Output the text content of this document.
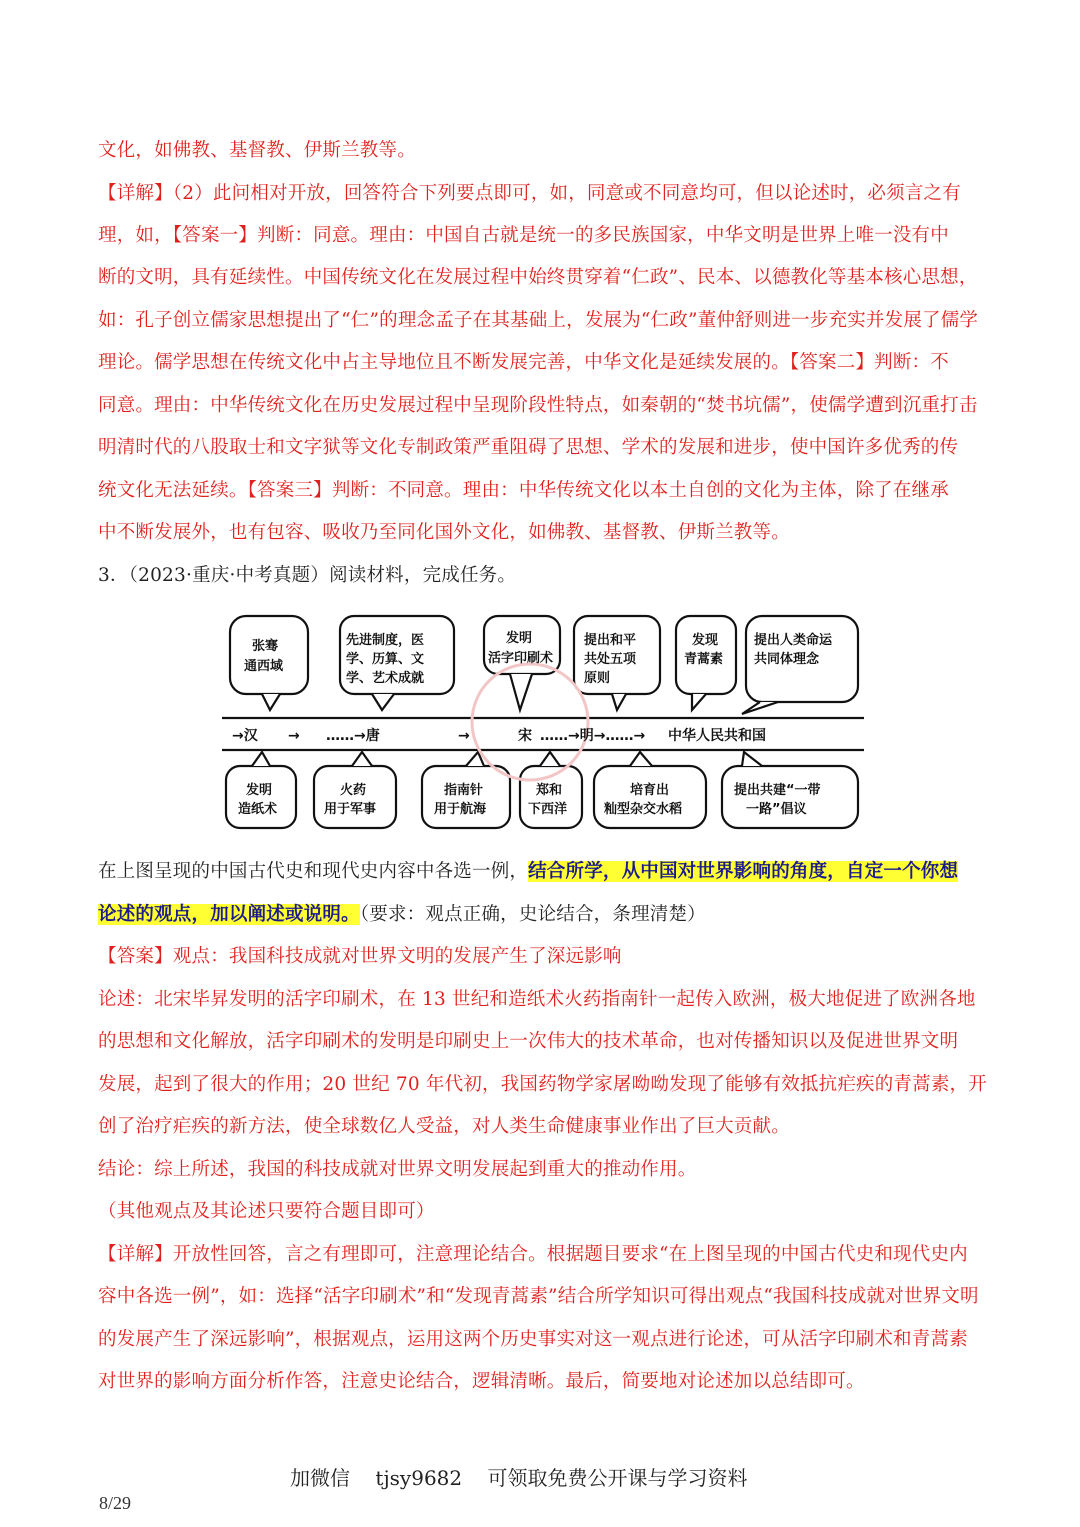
文化，如佛教、基督教、伊斯兰教等。
【详解】（2）此问相对开放，回答符合下列要点即可，如，同意或不同意均可，但以论述时，必须言之有
理，如，【答案一】判断：同意。理由：中国自古就是统一的多民族国家，中华文明是世界上唯一没有中
断的文明，具有延续性。中国传统文化在发展过程中始终贯穿着“仁政”、民本、以德教化等基本核心思想，
如：孔子创立儒家思想提出了“仁”的理念孟子在其基础上，发展为“仁政”董仲舒则进一步充实并发展了儒学
理论。儒学思想在传统文化中占主导地位且不断发展完善，中华文化是延续发展的。【答案二】判断：不
同意。理由：中华传统文化在历史发展过程中呈现阶段性特点，如秦朝的“焚书坑儒”，使儒学遭到沉重打击
明清时代的八股取士和文字狱等文化专制政策严重阻碍了思想、学术的发展和进步，使中国许多优秀的传
统文化无法延续。【答案三】判断：不同意。理由：中华传统文化以本土自创的文化为主体，除了在继承
中不断发展外，也有包容、吸收乃至同化国外文化，如佛教、基督教、伊斯兰教等。
3．（2023·重庆·中考真题）阅读材料，完成任务。
张骞
通西域
先进制度，医
学、历算、文
学、艺术成就
发明
活字印刷术
提出和平
共处五项
原则
发现
青蒿素
提出人类命运
共同体理念
→汉 → ……→唐	→	宋 ……→明→……→ 中华人民共和国
发明
造纸术
火药
用于军事
指南针
用于航海
郑和
下西洋
培育出
籼型杂交水稻
提出共建“一带
一路”倡议
在上图呈现的中国古代史和现代史内容中各选一例，结合所学，从中国对世界影响的角度，自定一个你想
论述的观点，加以阐述或说明。（要求：观点正确，史论结合，条理清楚）
【答案】观点：我国科技成就对世界文明的发展产生了深远影响
论述：北宋毕昇发明的活字印刷术，在 13 世纪和造纸术火药指南针一起传入欧洲，极大地促进了欧洲各地
的思想和文化解放，活字印刷术的发明是印刷史上一次伟大的技术革命，也对传播知识以及促进世界文明
发展，起到了很大的作用；20 世纪 70 年代初，我国药物学家屠呦呦发现了能够有效抵抗疟疾的青蒿素，开
创了治疗疟疾的新方法，使全球数亿人受益，对人类生命健康事业作出了巨大贡献。
结论：综上所述，我国的科技成就对世界文明发展起到重大的推动作用。
（其他观点及其论述只要符合题目即可）
【详解】开放性回答，言之有理即可，注意理论结合。根据题目要求“在上图呈现的中国古代史和现代史内
容中各选一例”，如：选择“活字印刷术”和“发现青蒿素”结合所学知识可得出观点“我国科技成就对世界文明
的发展产生了深远影响”，根据观点，运用这两个历史事实对这一观点进行论述，可从活字印刷术和青蒿素
对世界的影响方面分析作答，注意史论结合，逻辑清晰。最后，简要地对论述加以总结即可。
加微信    tjsy9682    可领取免费公开课与学习资料
8/29
